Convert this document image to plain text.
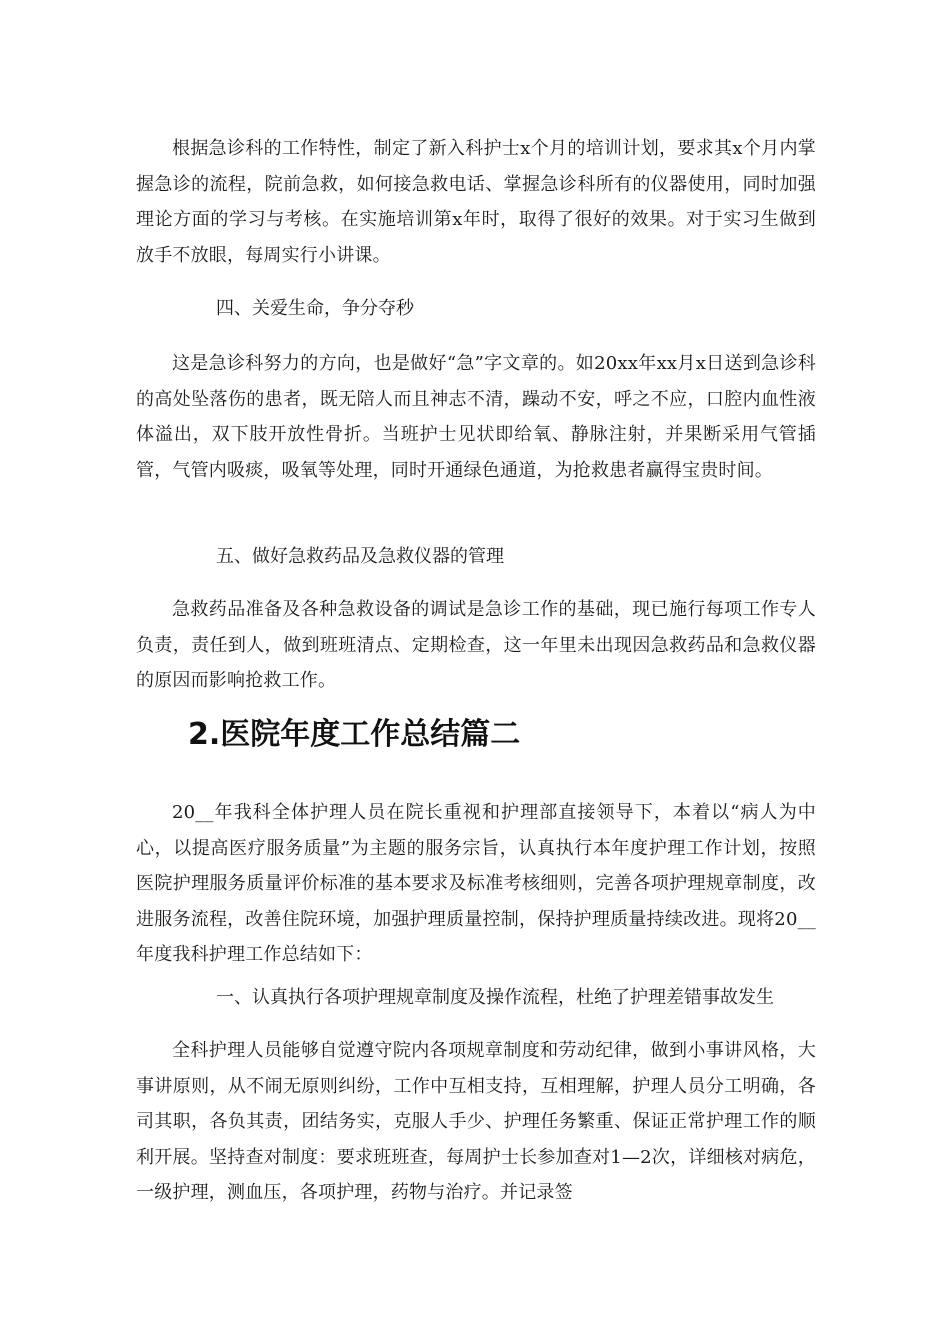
根据急诊科的工作特性，制定了新入科护士x个月的培训计划，要求其x个月内掌握急诊的流程，院前急救，如何接急救电话、掌握急诊科所有的仪器使用，同时加强理论方面的学习与考核。在实施培训第x年时，取得了很好的效果。对于实习生做到放手不放眼，每周实行小讲课。

四、关爱生命，争分夺秒

这是急诊科努力的方向，也是做好“急”字文章的。如20xx年xx月x日送到急诊科的高处坠落伤的患者，既无陪人而且神志不清，躁动不安，呼之不应，口腔内血性液体溢出，双下肢开放性骨折。当班护士见状即给氧、静脉注射，并果断采用气管插管，气管内吸痰，吸氧等处理，同时开通绿色通道，为抢救患者赢得宝贵时间。

五、做好急救药品及急救仪器的管理

急救药品准备及各种急救设备的调试是急诊工作的基础，现已施行每项工作专人负责，责任到人，做到班班清点、定期检查，这一年里未出现因急救药品和急救仪器的原因而影响抢救工作。

2.医院年度工作总结篇二

20__年我科全体护理人员在院长重视和护理部直接领导下，本着以“病人为中心，以提高医疗服务质量”为主题的服务宗旨，认真执行本年度护理工作计划，按照医院护理服务质量评价标准的基本要求及标准考核细则，完善各项护理规章制度，改进服务流程，改善住院环境，加强护理质量控制，保持护理质量持续改进。现将20__年度我科护理工作总结如下：

一、认真执行各项护理规章制度及操作流程，杜绝了护理差错事故发生

全科护理人员能够自觉遵守院内各项规章制度和劳动纪律，做到小事讲风格，大事讲原则，从不闹无原则纠纷，工作中互相支持，互相理解，护理人员分工明确，各司其职，各负其责，团结务实，克服人手少、护理任务繁重、保证正常护理工作的顺利开展。坚持查对制度：要求班班查，每周护士长参加查对1—2次，详细核对病危，一级护理，测血压，各项护理，药物与治疗。并记录签
